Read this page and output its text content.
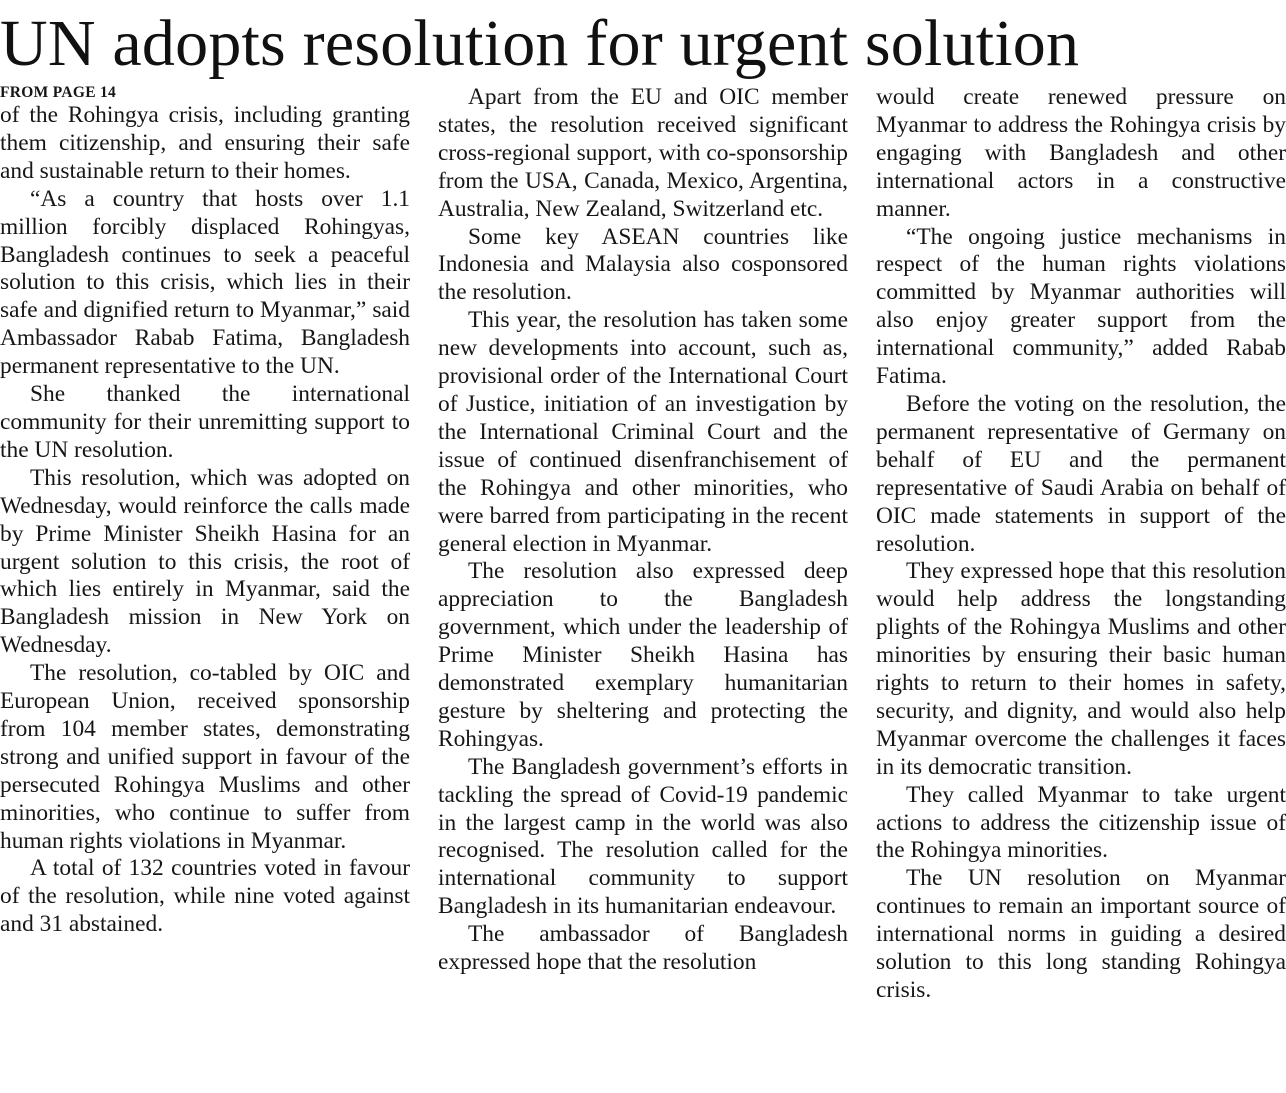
UN adopts resolution for urgent solution
FROM PAGE 14

of the Rohingya crisis, including granting them citizenship, and ensuring their safe and sustainable return to their homes.

“As a country that hosts over 1.1 million forcibly displaced Rohingyas, Bangladesh continues to seek a peaceful solution to this crisis, which lies in their safe and dignified return to Myanmar,” said Ambassador Rabab Fatima, Bangladesh permanent representative to the UN.

She thanked the international community for their unremitting support to the UN resolution.

This resolution, which was adopted on Wednesday, would reinforce the calls made by Prime Minister Sheikh Hasina for an urgent solution to this crisis, the root of which lies entirely in Myanmar, said the Bangladesh mission in New York on Wednesday.

The resolution, co-tabled by OIC and European Union, received sponsorship from 104 member states, demonstrating strong and unified support in favour of the persecuted Rohingya Muslims and other minorities, who continue to suffer from human rights violations in Myanmar.

A total of 132 countries voted in favour of the resolution, while nine voted against and 31 abstained.

Apart from the EU and OIC member states, the resolution received significant cross-regional support, with co-sponsorship from the USA, Canada, Mexico, Argentina, Australia, New Zealand, Switzerland etc.

Some key ASEAN countries like Indonesia and Malaysia also cosponsored the resolution.

This year, the resolution has taken some new developments into account, such as, provisional order of the International Court of Justice, initiation of an investigation by the International Criminal Court and the issue of continued disenfranchisement of the Rohingya and other minorities, who were barred from participating in the recent general election in Myanmar.

The resolution also expressed deep appreciation to the Bangladesh government, which under the leadership of Prime Minister Sheikh Hasina has demonstrated exemplary humanitarian gesture by sheltering and protecting the Rohingyas.

The Bangladesh government’s efforts in tackling the spread of Covid-19 pandemic in the largest camp in the world was also recognised. The resolution called for the international community to support Bangladesh in its humanitarian endeavour.

The ambassador of Bangladesh expressed hope that the resolution

would create renewed pressure on Myanmar to address the Rohingya crisis by engaging with Bangladesh and other international actors in a constructive manner.

“The ongoing justice mechanisms in respect of the human rights violations committed by Myanmar authorities will also enjoy greater support from the international community,” added Rabab Fatima.

Before the voting on the resolution, the permanent representative of Germany on behalf of EU and the permanent representative of Saudi Arabia on behalf of OIC made statements in support of the resolution.

They expressed hope that this resolution would help address the longstanding plights of the Rohingya Muslims and other minorities by ensuring their basic human rights to return to their homes in safety, security, and dignity, and would also help Myanmar overcome the challenges it faces in its democratic transition.

They called Myanmar to take urgent actions to address the citizenship issue of the Rohingya minorities.

The UN resolution on Myanmar continues to remain an important source of international norms in guiding a desired solution to this long standing Rohingya crisis.
